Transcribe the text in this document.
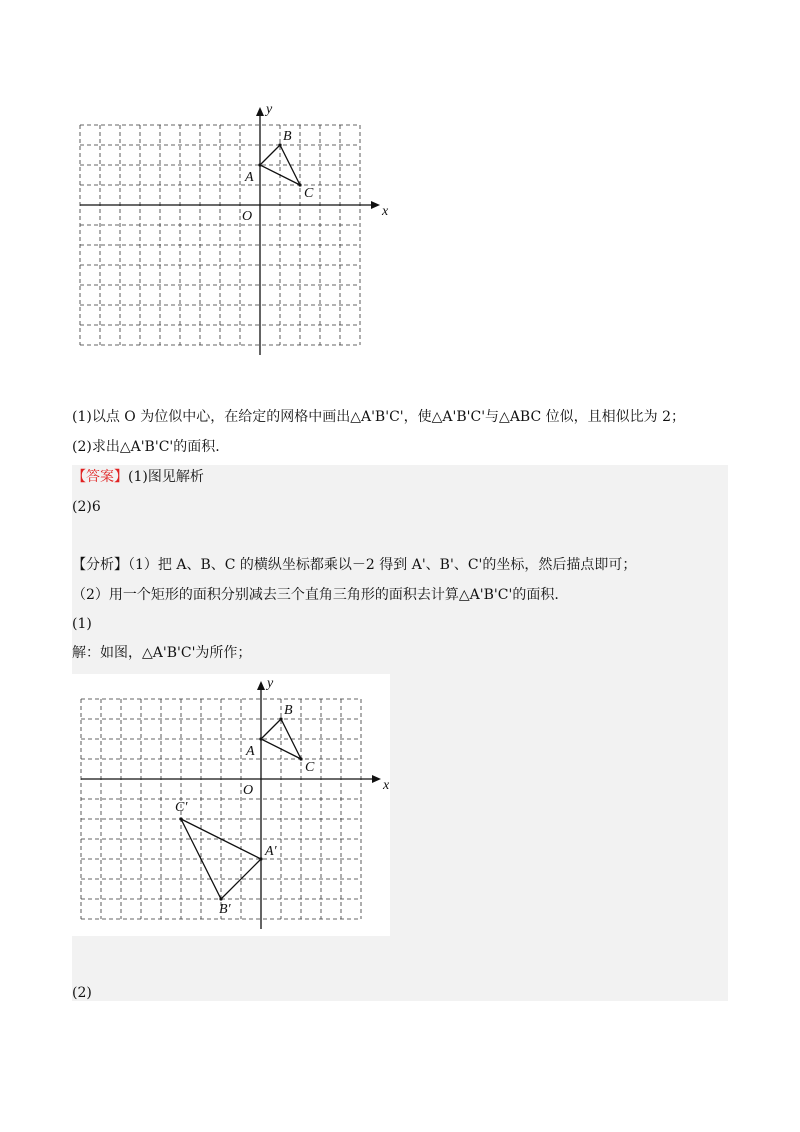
x
y
O
A
B
C
(1)以点 O 为位似中心，在给定的网格中画出△A'B'C'，使△A'B'C'与△ABC 位似，且相似比为 2；
(2)求出△A'B'C'的面积.
【答案】(1)图见解析
(2)6
【分析】（1）把 A、B、C 的横纵坐标都乘以－2 得到 A'、B'、C'的坐标，然后描点即可；
（2）用一个矩形的面积分别减去三个直角三角形的面积去计算△A'B'C'的面积.
(1)
解：如图，△A'B'C'为所作；
x
y
O
A
B
C
A′
B′
C′
(2)
